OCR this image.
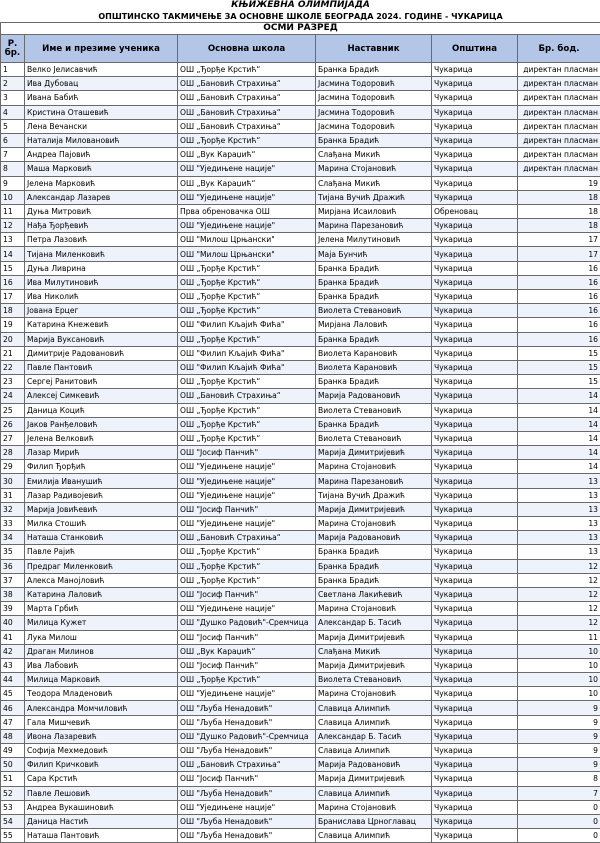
КЊИЖЕВНА ОЛИМПИЈАДА					
ОПШТИНСКО ТАКМИЧЕЊЕ ЗА ОСНОВНЕ ШКОЛЕ БЕОГРАДА 2024. ГОДИНЕ - ЧУКАРИЦА					
ОСМИ РАЗРЕД					
Р. бр.	Име и презиме ученика	Основна школа	Наставник	Општина	Бр. бод.
1	Велко Јелисавчић	ОШ „Ђорђе Крстић“	Бранка Брадић	Чукарица	директан пласман
2	Ива Дубовац	ОШ „Бановић Страхиња“	Јасмина Тодоровић	Чукарица	директан пласман
3	Ивана Бабић	ОШ „Бановић Страхиња“	Јасмина Тодоровић	Чукарица	директан пласман
4	Кристина Оташевић	ОШ „Бановић Страхиња“	Јасмина Тодоровић	Чукарица	директан пласман
5	Лена Вечански	ОШ „Бановић Страхиња“	Јасмина Тодоровић	Чукарица	директан пласман
6	Наталија Миловановић	ОШ „Ђорђе Крстић“	Бранка Брадић	Чукарица	директан пласман
7	Андреа Пајовић	ОШ „Вук Караџић“	Слађана Микић	Чукарица	директан пласман
8	Маша Марковић	ОШ "Уједињене нације"	Марина Стојановић	Чукарица	директан пласман
9	Јелена Марковић	ОШ „Вук Караџић“	Слађана Микић	Чукарица	19
10	Александар Лазарев	ОШ "Уједињене нације"	Тијана Вучић Дражић	Чукарица	18
11	Дуња Митровић	Прва обреновачка ОШ	Мирјана Исаиловић	Обреновац	18
12	Нађа Ђорђевић	ОШ "Уједињене нације"	Марина Парезановић	Чукарица	18
13	Петра Лазовић	ОШ "Милош Црњански"	Јелена Милутиновић	Чукарица	17
14	Тијана Миленковић	ОШ "Милош Црњански"	Маја Бунчић	Чукарица	17
15	Дуња Ливрина	ОШ „Ђорђе Крстић“	Бранка Брадић	Чукарица	16
16	Ива Милутиновић	ОШ „Ђорђе Крстић“	Бранка Брадић	Чукарица	16
17	Ива Николић	ОШ „Ђорђе Крстић“	Бранка Брадић	Чукарица	16
18	Јована Ерцег	ОШ „Ђорђе Крстић“	Виолета Стевановић	Чукарица	16
19	Катарина Кнежевић	ОШ "Филип Кљајић Фића"	Мирјана Лаловић	Чукарица	16
20	Марија Вуксановић	ОШ „Ђорђе Крстић“	Бранка Брадић	Чукарица	16
21	Димитрије Радовановић	ОШ "Филип Кљајић Фића"	Виолета Карановић	Чукарица	15
22	Павле Пантовић	ОШ "Филип Кљајић Фића"	Виолета Карановић	Чукарица	15
23	Сергеј Ранитовић	ОШ „Ђорђе Крстић“	Бранка Брадић	Чукарица	15
24	Алексеј Симкевић	ОШ „Бановић Страхиња“	Марија Радовановић	Чукарица	14
25	Даница Коцић	ОШ „Ђорђе Крстић“	Виолета Стевановић	Чукарица	14
26	Јаков Ранђеловић	ОШ „Ђорђе Крстић“	Бранка Брадић	Чукарица	14
27	Јелена Велковић	ОШ „Ђорђе Крстић“	Виолета Стевановић	Чукарица	14
28	Лазар Мирић	ОШ "Јосиф Панчић"	Марија Димитријевић	Чукарица	14
29	Филип Ђорђић	ОШ "Уједињене нације"	Марина Стојановић	Чукарица	14
30	Емилија Иванушић	ОШ "Уједињене нације"	Марина Парезановић	Чукарица	13
31	Лазар Радивојевић	ОШ "Уједињене нације"	Тијана Вучић Дражић	Чукарица	13
32	Марија Јовићевић	ОШ "Јосиф Панчић"	Марија Димитријевић	Чукарица	13
33	Милка Стошић	ОШ "Уједињене нације"	Марина Стојановић	Чукарица	13
34	Наташа Станковић	ОШ „Бановић Страхиња“	Марија Радовановић	Чукарица	13
35	Павле Рајић	ОШ „Ђорђе Крстић“	Бранка Брадић	Чукарица	13
36	Предраг Миленковић	ОШ „Ђорђе Крстић“	Бранка Брадић	Чукарица	12
37	Алекса Манојловић	ОШ „Ђорђе Крстић“	Бранка Брадић	Чукарица	12
38	Катарина Лаловић	ОШ "Јосиф Панчић"	Светлана Лакићевић	Чукарица	12
39	Марта Грбић	ОШ "Уједињене нације"	Марина Стојановић	Чукарица	12
40	Милица Кужет	ОШ "Душко Радовић"-Сремчица	Александар Б. Тасић	Чукарица	12
41	Лука Милош	ОШ "Јосиф Панчић"	Марија Димитријевић	Чукарица	11
42	Драган Милинов	ОШ „Вук Караџић“	Слађана Микић	Чукарица	10
43	Ива Лабовић	ОШ "Јосиф Панчић"	Марија Димитријевић	Чукарица	10
44	Милица Марковић	ОШ „Ђорђе Крстић“	Виолета Стевановић	Чукарица	10
45	Теодора Младеновић	ОШ "Уједињене нације"	Марина Стојановић	Чукарица	10
46	Александра Момчиловић	ОШ "Љуба Ненадовић"	Славица Алимпић	Чукарица	9
47	Гала Мишчевић	ОШ "Љуба Ненадовић"	Славица Алимпић	Чукарица	9
48	Ивона Лазаревић	ОШ "Душко Радовић"-Сремчица	Александар Б. Тасић	Чукарица	9
49	Софија Мехмедовић	ОШ "Љуба Ненадовић"	Славица Алимпић	Чукарица	9
50	Филип Кричковић	ОШ „Бановић Страхиња“	Марија Радовановић	Чукарица	9
51	Сара Крстић	ОШ "Јосиф Панчић"	Марија Димитријевић	Чукарица	8
52	Павле Лешовић	ОШ "Љуба Ненадовић"	Славица Алимпић	Чукарица	7
53	Андреа Вукашиновић	ОШ "Уједињене нације"	Марина Стојановић	Чукарица	0
54	Даница Настић	ОШ "Љуба Ненадовић"	Бранислава Црноглавац	Чукарица	0
55	Наташа Пантовић	ОШ "Љуба Ненадовић"	Славица Алимпић	Чукарица	0
